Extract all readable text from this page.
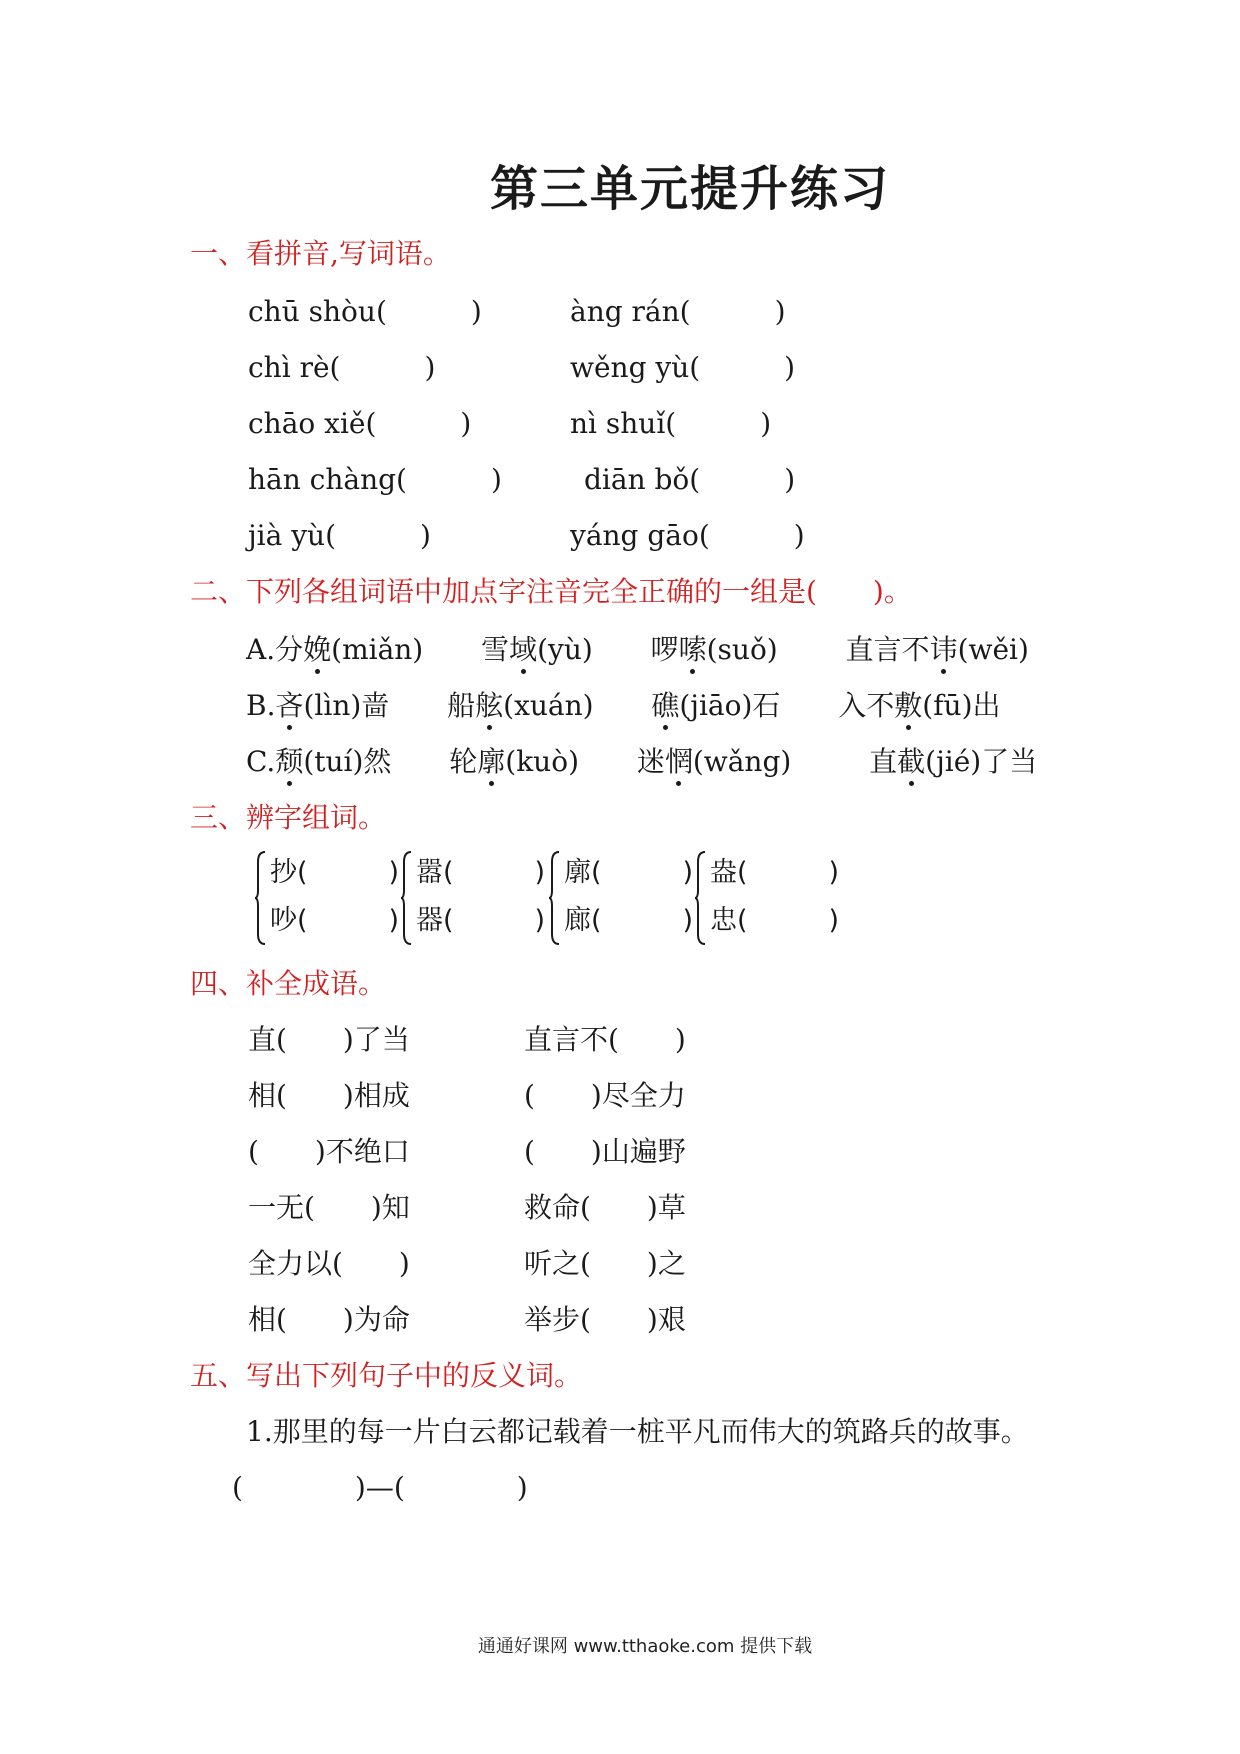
第三单元提升练习
一、看拼音,写词语。
chū shòu(　　　)	àng rán(　　　)
chì rè(　　　)	wěng yù(　　　)
chāo xiě(　　　)	nì shuǐ(　　　)
hān chàng(　　　)	diān bǒ(　　　)
jià yù(　　　)	yáng gāo(　　　)
二、下列各组词语中加点字注音完全正确的一组是(　　)。
A.分娩(miǎn) 雪域(yù) 啰嗦(suǒ) 直言不讳(wěi)
B.吝(lìn)啬 船舷(xuán) 礁(jiāo)石 入不敷(fū)出
C.颓(tuí)然 轮廓(kuò) 迷惘(wǎng)	直截(jié)了当
三、辨字组词。
抄(　　　)
吵(　　　)
嚣(　　　)
器(　　　)
廓(　　　)
廊(　　　)
盎(　　　)
忠(　　　)
四、补全成语。
直(　　)了当	直言不(　　)
相(　　)相成	(　　)尽全力
(　　)不绝口	(　　)山遍野
一无(　　)知	救命(　　)草
全力以(　　)	听之(　　)之
相(　　)为命	举步(　　)艰
五、写出下列句子中的反义词。
1.那里的每一片白云都记载着一桩平凡而伟大的筑路兵的故事。
(　　　　)—(　　　　)
通通好课网 www.tthaoke.com 提供下载
